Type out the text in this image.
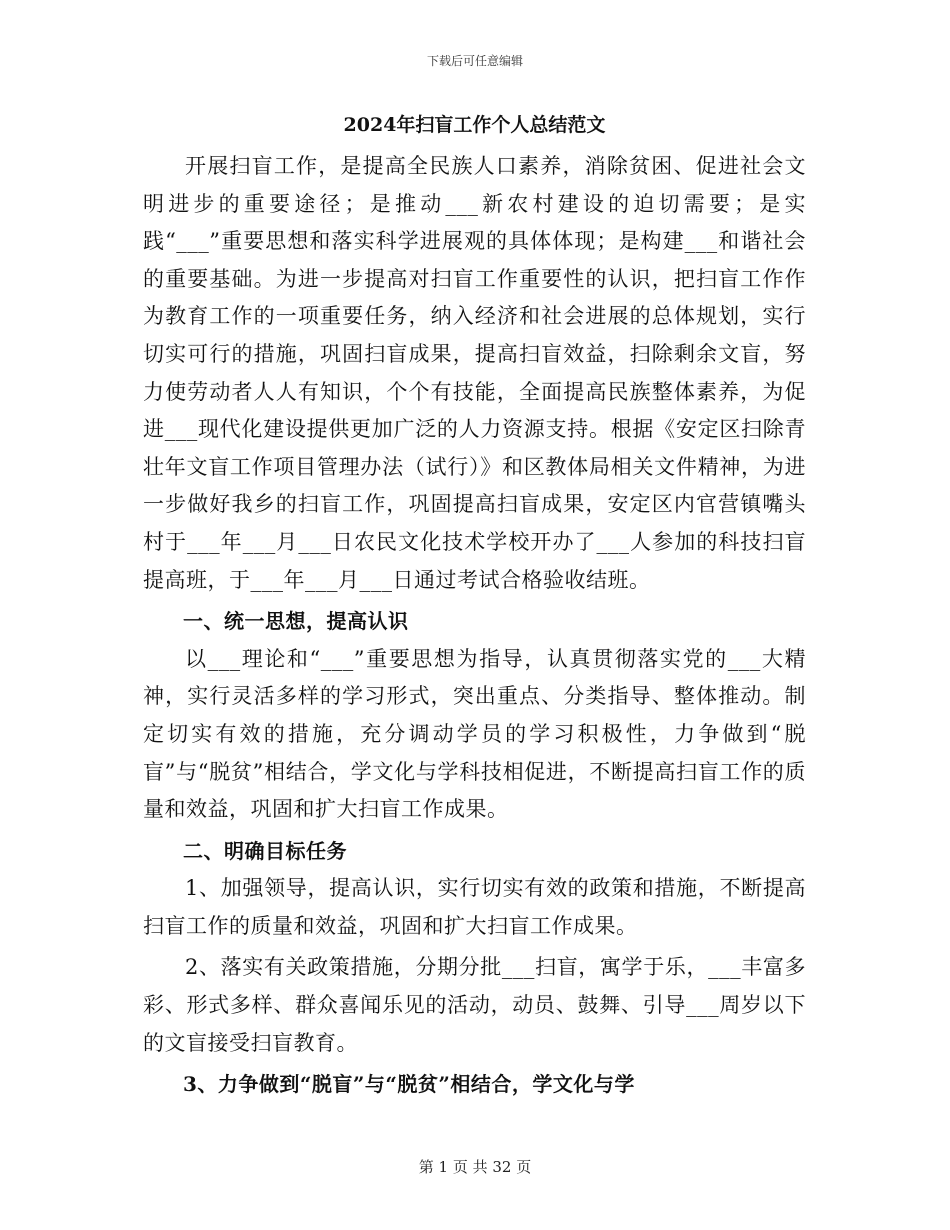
下载后可任意编辑
2024年扫盲工作个人总结范文

开展扫盲工作，是提高全民族人口素养，消除贫困、促进社会文明进步的重要途径；是推动___新农村建设的迫切需要；是实践“___”重要思想和落实科学进展观的具体体现；是构建___和谐社会的重要基础。为进一步提高对扫盲工作重要性的认识，把扫盲工作作为教育工作的一项重要任务，纳入经济和社会进展的总体规划，实行切实可行的措施，巩固扫盲成果，提高扫盲效益，扫除剩余文盲，努力使劳动者人人有知识，个个有技能，全面提高民族整体素养，为促进___现代化建设提供更加广泛的人力资源支持。根据《安定区扫除青壮年文盲工作项目管理办法（试行）》和区教体局相关文件精神，为进一步做好我乡的扫盲工作，巩固提高扫盲成果，安定区内官营镇嘴头村于___年___月___日农民文化技术学校开办了___人参加的科技扫盲提高班，于___年___月___日通过考试合格验收结班。

一、统一思想，提高认识

以___理论和“___”重要思想为指导，认真贯彻落实党的___大精神，实行灵活多样的学习形式，突出重点、分类指导、整体推动。制定切实有效的措施，充分调动学员的学习积极性，力争做到“脱盲”与“脱贫”相结合，学文化与学科技相促进，不断提高扫盲工作的质量和效益，巩固和扩大扫盲工作成果。

二、明确目标任务

1、加强领导，提高认识，实行切实有效的政策和措施，不断提高扫盲工作的质量和效益，巩固和扩大扫盲工作成果。

2、落实有关政策措施，分期分批___扫盲，寓学于乐，___丰富多彩、形式多样、群众喜闻乐见的活动，动员、鼓舞、引导___周岁以下的文盲接受扫盲教育。

3、力争做到“脱盲”与“脱贫”相结合，学文化与学

第 1 页 共 32 页
